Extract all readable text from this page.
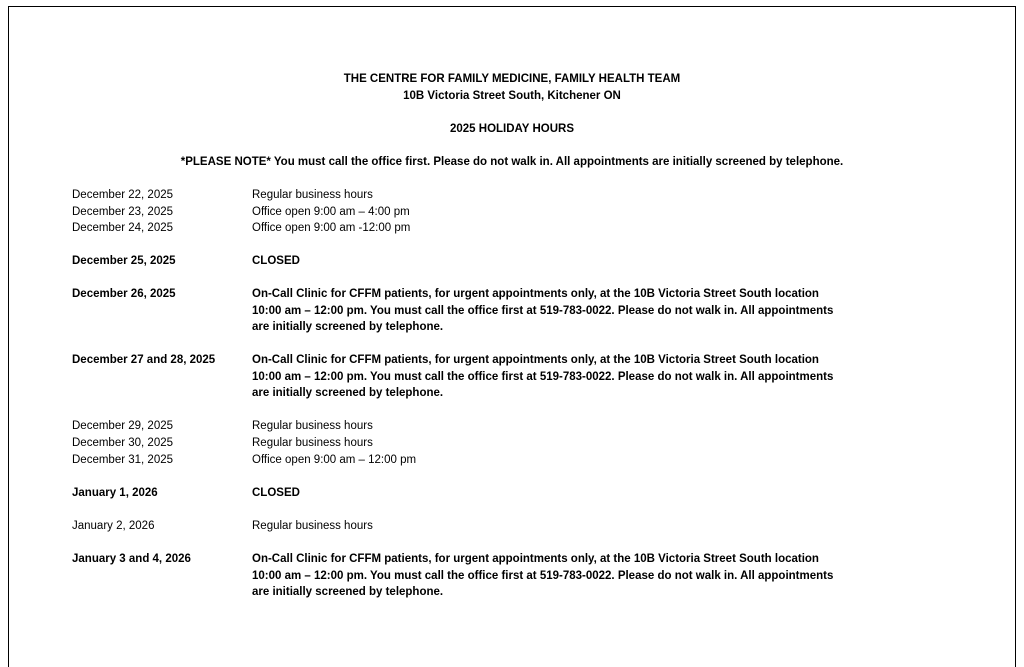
THE CENTRE FOR FAMILY MEDICINE, FAMILY HEALTH TEAM
10B Victoria Street South, Kitchener ON
2025 HOLIDAY HOURS
*PLEASE NOTE* You must call the office first. Please do not walk in. All appointments are initially screened by telephone.
December 22, 2025	Regular business hours
December 23, 2025	Office open 9:00 am – 4:00 pm
December 24, 2025	Office open 9:00 am -12:00 pm
December 25, 2025	CLOSED
December 26, 2025	On-Call Clinic for CFFM patients, for urgent appointments only, at the 10B Victoria Street South location
10:00 am – 12:00 pm. You must call the office first at 519-783-0022. Please do not walk in. All appointments
are initially screened by telephone.
December 27 and 28, 2025	On-Call Clinic for CFFM patients, for urgent appointments only, at the 10B Victoria Street South location
10:00 am – 12:00 pm. You must call the office first at 519-783-0022. Please do not walk in. All appointments
are initially screened by telephone.
December 29, 2025	Regular business hours
December 30, 2025	Regular business hours
December 31, 2025	Office open 9:00 am – 12:00 pm
January 1, 2026	CLOSED
January 2, 2026	Regular business hours
January 3 and 4, 2026	On-Call Clinic for CFFM patients, for urgent appointments only, at the 10B Victoria Street South location
10:00 am – 12:00 pm. You must call the office first at 519-783-0022. Please do not walk in. All appointments
are initially screened by telephone.
